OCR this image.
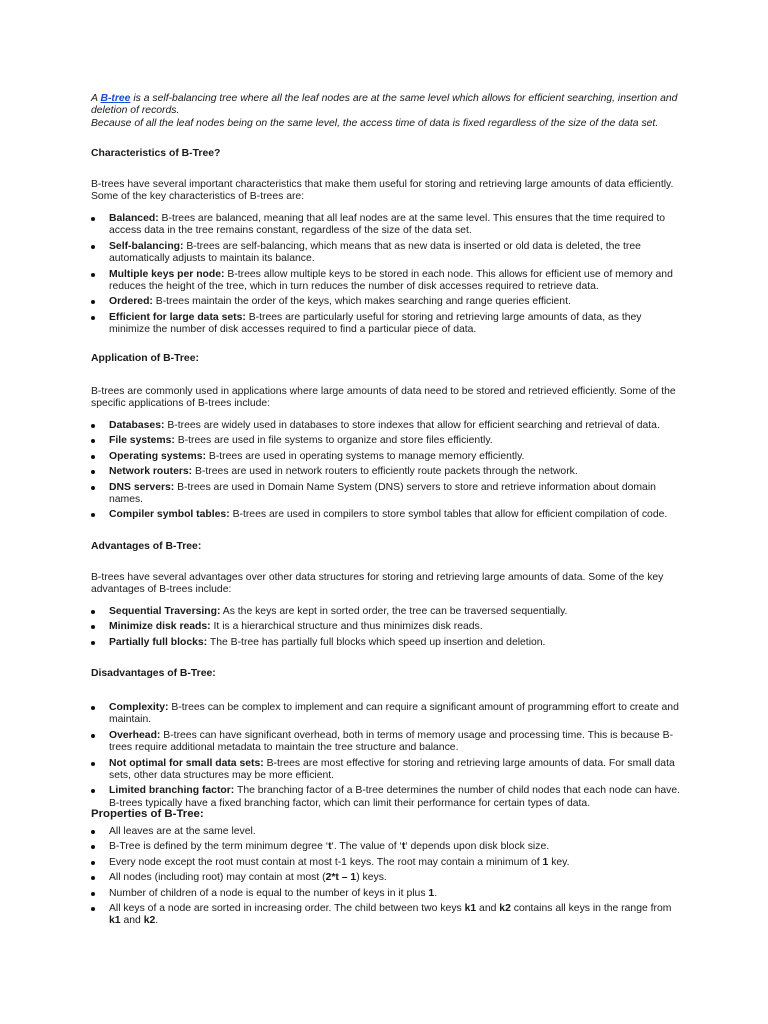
A B-tree is a self-balancing tree where all the leaf nodes are at the same level which allows for efficient searching, insertion and deletion of records.
Because of all the leaf nodes being on the same level, the access time of data is fixed regardless of the size of the data set.

Characteristics of B-Tree?

B-trees have several important characteristics that make them useful for storing and retrieving large amounts of data efficiently. Some of the key characteristics of B-trees are:

Balanced: B-trees are balanced, meaning that all leaf nodes are at the same level. This ensures that the time required to access data in the tree remains constant, regardless of the size of the data set.
Self-balancing: B-trees are self-balancing, which means that as new data is inserted or old data is deleted, the tree automatically adjusts to maintain its balance.
Multiple keys per node: B-trees allow multiple keys to be stored in each node. This allows for efficient use of memory and reduces the height of the tree, which in turn reduces the number of disk accesses required to retrieve data.
Ordered: B-trees maintain the order of the keys, which makes searching and range queries efficient.
Efficient for large data sets: B-trees are particularly useful for storing and retrieving large amounts of data, as they minimize the number of disk accesses required to find a particular piece of data.
Application of B-Tree:

B-trees are commonly used in applications where large amounts of data need to be stored and retrieved efficiently. Some of the specific applications of B-trees include:

Databases: B-trees are widely used in databases to store indexes that allow for efficient searching and retrieval of data.
File systems: B-trees are used in file systems to organize and store files efficiently.
Operating systems: B-trees are used in operating systems to manage memory efficiently.
Network routers: B-trees are used in network routers to efficiently route packets through the network.
DNS servers: B-trees are used in Domain Name System (DNS) servers to store and retrieve information about domain names.
Compiler symbol tables: B-trees are used in compilers to store symbol tables that allow for efficient compilation of code.
Advantages of B-Tree:

B-trees have several advantages over other data structures for storing and retrieving large amounts of data. Some of the key advantages of B-trees include:

Sequential Traversing: As the keys are kept in sorted order, the tree can be traversed sequentially.
Minimize disk reads: It is a hierarchical structure and thus minimizes disk reads.
Partially full blocks: The B-tree has partially full blocks which speed up insertion and deletion.
Disadvantages of B-Tree:
Complexity: B-trees can be complex to implement and can require a significant amount of programming effort to create and maintain.
Overhead: B-trees can have significant overhead, both in terms of memory usage and processing time. This is because B-trees require additional metadata to maintain the tree structure and balance.
Not optimal for small data sets: B-trees are most effective for storing and retrieving large amounts of data. For small data sets, other data structures may be more efficient.
Limited branching factor: The branching factor of a B-tree determines the number of child nodes that each node can have. B-trees typically have a fixed branching factor, which can limit their performance for certain types of data.
Properties of B-Tree:
All leaves are at the same level.
B-Tree is defined by the term minimum degree ‘t‘. The value of ‘t‘ depends upon disk block size.
Every node except the root must contain at most t-1 keys. The root may contain a minimum of 1 key.
All nodes (including root) may contain at most (2*t – 1) keys.
Number of children of a node is equal to the number of keys in it plus 1.
All keys of a node are sorted in increasing order. The child between two keys k1 and k2 contains all keys in the range from k1 and k2.
